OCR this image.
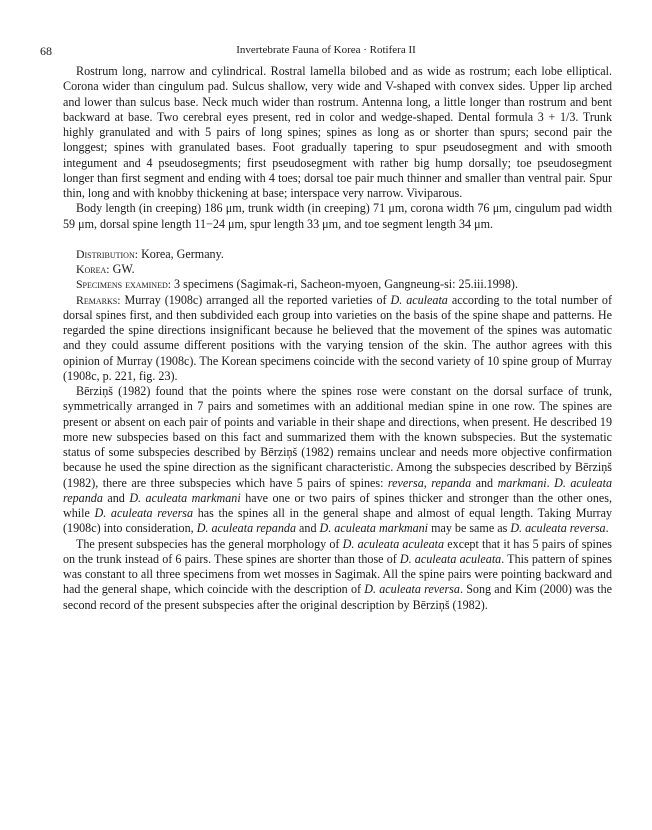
68	Invertebrate Fauna of Korea · Rotifera II

Rostrum long, narrow and cylindrical. Rostral lamella bilobed and as wide as rostrum; each lobe elliptical. Corona wider than cingulum pad. Sulcus shallow, very wide and V-shaped with convex sides. Upper lip arched and lower than sulcus base. Neck much wider than rostrum. Antenna long, a little longer than rostrum and bent backward at base. Two cerebral eyes present, red in color and wedge-shaped. Dental formula 3 + 1/3. Trunk highly granulated and with 5 pairs of long spines; spines as long as or shorter than spurs; second pair the longgest; spines with granulated bases. Foot gradually tapering to spur pseudosegment and with smooth integument and 4 pseudosegments; first pseudosegment with rather big hump dorsally; toe pseudosegment longer than first segment and ending with 4 toes; dorsal toe pair much thinner and smaller than ventral pair. Spur thin, long and with knobby thickening at base; interspace very narrow. Viviparous.

Body length (in creeping) 186 μm, trunk width (in creeping) 71 μm, corona width 76 μm, cingulum pad width 59 μm, dorsal spine length 11−24 μm, spur length 33 μm, and toe segment length 34 μm.

Distribution: Korea, Germany.

Korea: GW.

Specimens examined: 3 specimens (Sagimak-ri, Sacheon-myoen, Gangneung-si: 25.iii.1998).

Remarks: Murray (1908c) arranged all the reported varieties of D. aculeata according to the total number of dorsal spines first, and then subdivided each group into varieties on the basis of the spine shape and patterns. He regarded the spine directions insignificant because he believed that the movement of the spines was automatic and they could assume different positions with the varying tension of the skin. The author agrees with this opinion of Murray (1908c). The Korean specimens coincide with the second variety of 10 spine group of Murray (1908c, p. 221, fig. 23).

Bērziņš (1982) found that the points where the spines rose were constant on the dorsal surface of trunk, symmetrically arranged in 7 pairs and sometimes with an additional median spine in one row. The spines are present or absent on each pair of points and variable in their shape and directions, when present. He described 19 more new subspecies based on this fact and summarized them with the known subspecies. But the systematic status of some subspecies described by Bērziņš (1982) remains unclear and needs more objective confirmation because he used the spine direction as the significant characteristic. Among the subspecies described by Bērziņš (1982), there are three subspecies which have 5 pairs of spines: reversa, repanda and markmani. D. aculeata repanda and D. aculeata markmani have one or two pairs of spines thicker and stronger than the other ones, while D. aculeata reversa has the spines all in the general shape and almost of equal length. Taking Murray (1908c) into consideration, D. aculeata repanda and D. aculeata markmani may be same as D. aculeata reversa.

The present subspecies has the general morphology of D. aculeata aculeata except that it has 5 pairs of spines on the trunk instead of 6 pairs. These spines are shorter than those of D. aculeata aculeata. This pattern of spines was constant to all three specimens from wet mosses in Sagimak. All the spine pairs were pointing backward and had the general shape, which coincide with the description of D. aculeata reversa. Song and Kim (2000) was the second record of the present subspecies after the original description by Bērziņš (1982).
